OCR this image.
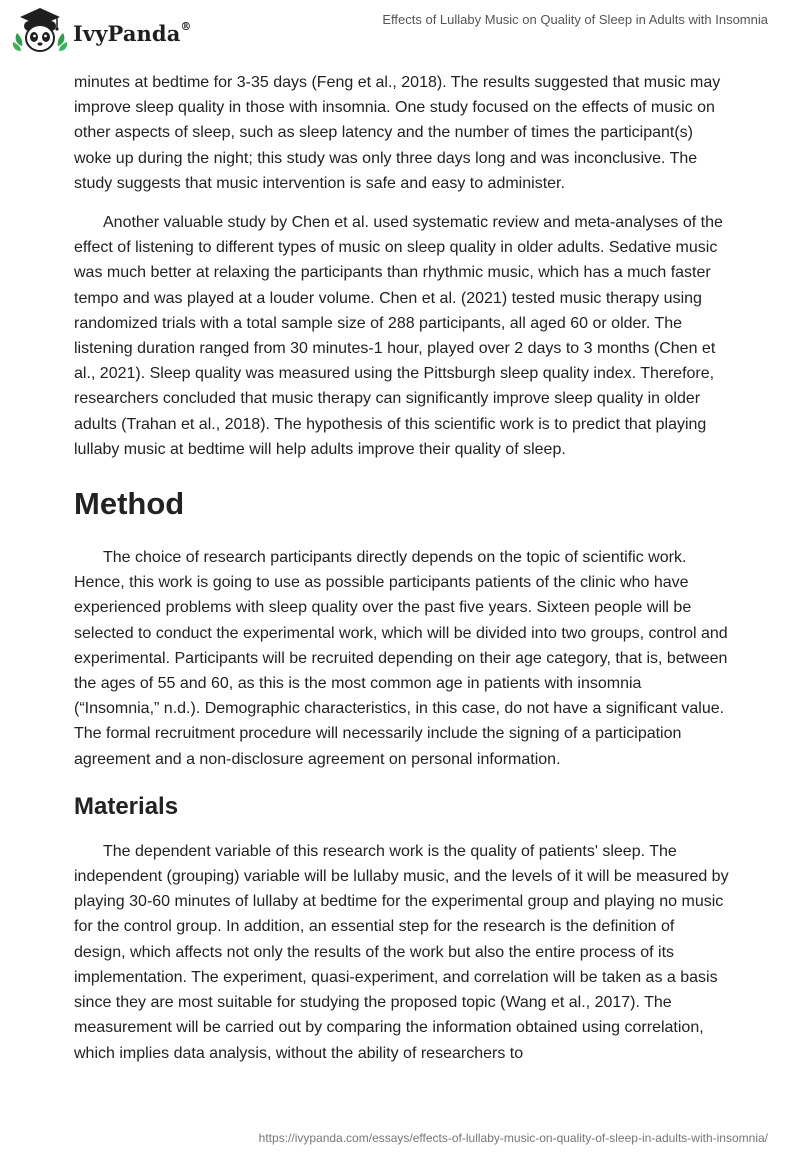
IvyPanda®	Effects of Lullaby Music on Quality of Sleep in Adults with Insomnia

minutes at bedtime for 3-35 days (Feng et al., 2018). The results suggested that music may improve sleep quality in those with insomnia. One study focused on the effects of music on other aspects of sleep, such as sleep latency and the number of times the participant(s) woke up during the night; this study was only three days long and was inconclusive. The study suggests that music intervention is safe and easy to administer.

Another valuable study by Chen et al. used systematic review and meta-analyses of the effect of listening to different types of music on sleep quality in older adults. Sedative music was much better at relaxing the participants than rhythmic music, which has a much faster tempo and was played at a louder volume. Chen et al. (2021) tested music therapy using randomized trials with a total sample size of 288 participants, all aged 60 or older. The listening duration ranged from 30 minutes-1 hour, played over 2 days to 3 months (Chen et al., 2021). Sleep quality was measured using the Pittsburgh sleep quality index. Therefore, researchers concluded that music therapy can significantly improve sleep quality in older adults (Trahan et al., 2018). The hypothesis of this scientific work is to predict that playing lullaby music at bedtime will help adults improve their quality of sleep.

Method

The choice of research participants directly depends on the topic of scientific work. Hence, this work is going to use as possible participants patients of the clinic who have experienced problems with sleep quality over the past five years. Sixteen people will be selected to conduct the experimental work, which will be divided into two groups, control and experimental. Participants will be recruited depending on their age category, that is, between the ages of 55 and 60, as this is the most common age in patients with insomnia (“Insomnia,” n.d.). Demographic characteristics, in this case, do not have a significant value. The formal recruitment procedure will necessarily include the signing of a participation agreement and a non-disclosure agreement on personal information.

Materials

The dependent variable of this research work is the quality of patients' sleep. The independent (grouping) variable will be lullaby music, and the levels of it will be measured by playing 30-60 minutes of lullaby at bedtime for the experimental group and playing no music for the control group. In addition, an essential step for the research is the definition of design, which affects not only the results of the work but also the entire process of its implementation. The experiment, quasi-experiment, and correlation will be taken as a basis since they are most suitable for studying the proposed topic (Wang et al., 2017). The measurement will be carried out by comparing the information obtained using correlation, which implies data analysis, without the ability of researchers to

https://ivypanda.com/essays/effects-of-lullaby-music-on-quality-of-sleep-in-adults-with-insomnia/
